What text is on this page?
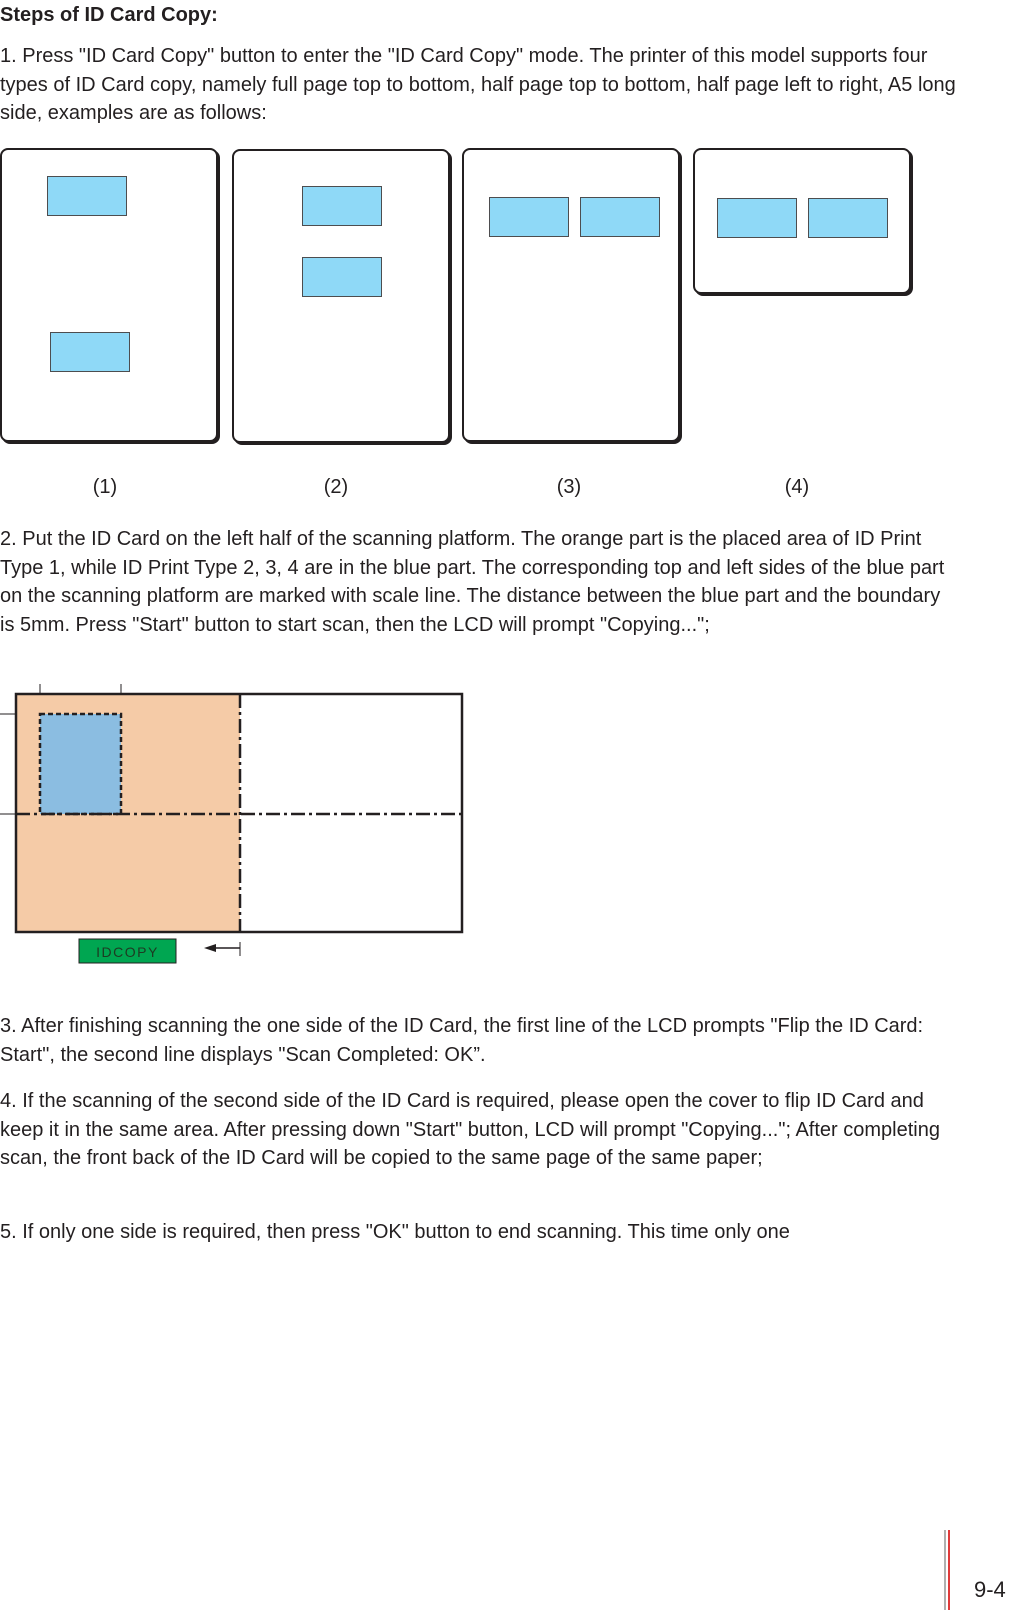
Steps of ID Card Copy:

1. Press "ID Card Copy" button to enter the "ID Card Copy" mode. The printer of this model supports four types of ID Card copy, namely full page top to bottom, half page top to bottom, half page left to right, A5 long side, examples are as follows:

(1)	(2)	(3)	(4)

2. Put the ID Card on the left half of the scanning platform. The orange part is the placed area of ID Print Type 1, while ID Print Type 2, 3, 4 are in the blue part. The corresponding top and left sides of the blue part on the scanning platform are marked with scale line. The distance between the blue part and the boundary is 5mm. Press "Start" button to start scan, then the LCD will prompt "Copying...";

IDCOPY

3. After finishing scanning the one side of the ID Card, the first line of the LCD prompts "Flip the ID Card: Start", the second line displays "Scan Completed: OK”.

4. If the scanning of the second side of the ID Card is required, please open the cover to flip ID Card and keep it in the same area. After pressing down "Start" button, LCD will prompt "Copying..."; After completing scan, the front back of the ID Card will be copied to the same page of the same paper;

5. If only one side is required, then press "OK" button to end scanning. This time only one

9-4
